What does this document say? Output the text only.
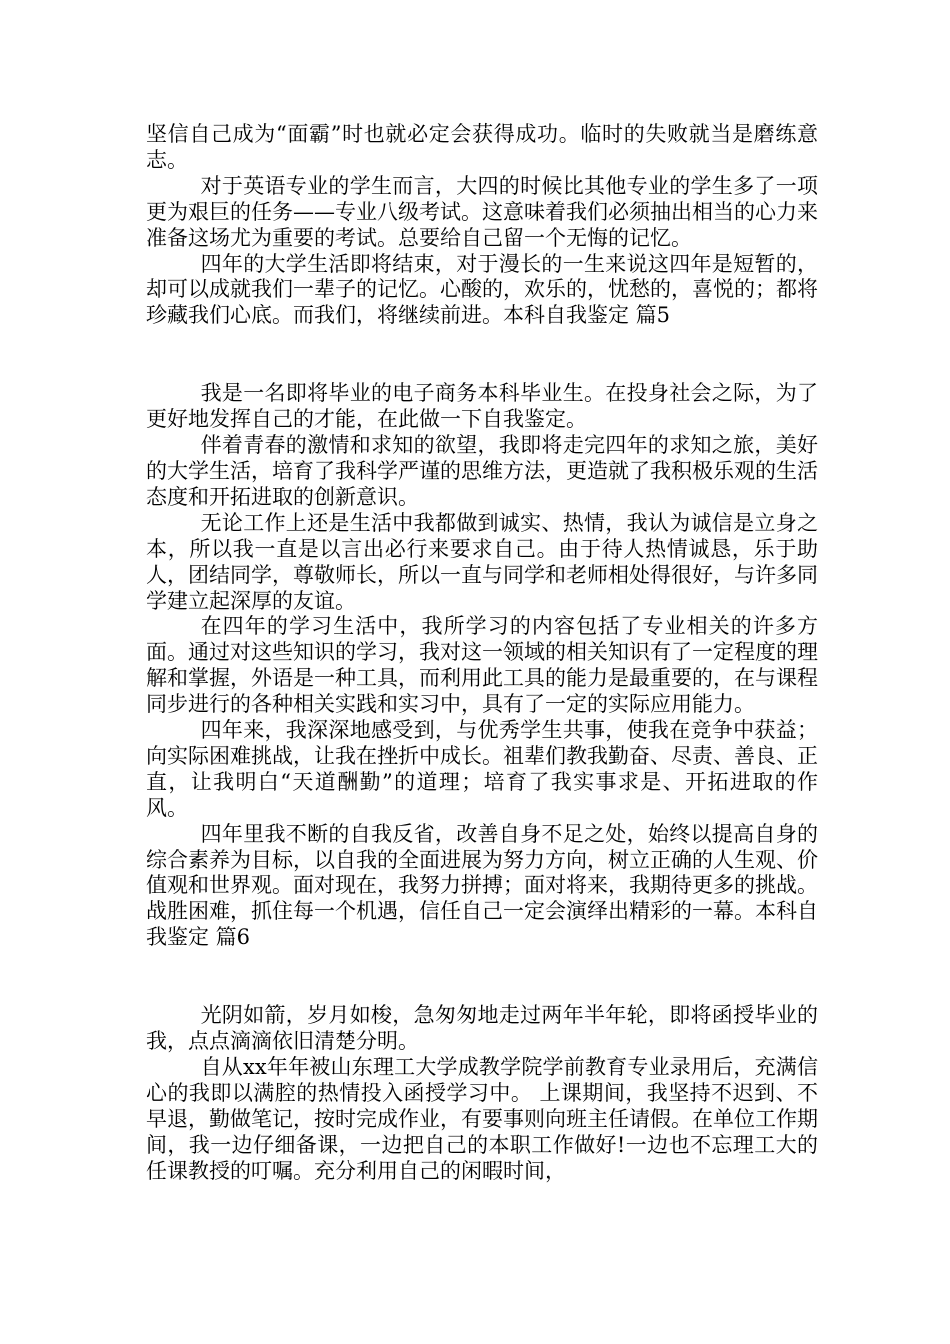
坚信自己成为“面霸”时也就必定会获得成功。临时的失败就当是磨练意志。

对于英语专业的学生而言，大四的时候比其他专业的学生多了一项更为艰巨的任务——专业八级考试。这意味着我们必须抽出相当的心力来准备这场尤为重要的考试。总要给自己留一个无悔的记忆。

四年的大学生活即将结束，对于漫长的一生来说这四年是短暂的，却可以成就我们一辈子的记忆。心酸的，欢乐的，忧愁的，喜悦的；都将珍藏我们心底。而我们，将继续前进。本科自我鉴定 篇5

我是一名即将毕业的电子商务本科毕业生。在投身社会之际，为了更好地发挥自己的才能，在此做一下自我鉴定。

伴着青春的激情和求知的欲望，我即将走完四年的求知之旅，美好的大学生活，培育了我科学严谨的思维方法，更造就了我积极乐观的生活态度和开拓进取的创新意识。

无论工作上还是生活中我都做到诚实、热情，我认为诚信是立身之本，所以我一直是以言出必行来要求自己。由于待人热情诚恳，乐于助人，团结同学，尊敬师长，所以一直与同学和老师相处得很好，与许多同学建立起深厚的友谊。

在四年的学习生活中，我所学习的内容包括了专业相关的许多方面。通过对这些知识的学习，我对这一领域的相关知识有了一定程度的理解和掌握，外语是一种工具，而利用此工具的能力是最重要的，在与课程同步进行的各种相关实践和实习中，具有了一定的实际应用能力。

四年来，我深深地感受到，与优秀学生共事，使我在竞争中获益；向实际困难挑战，让我在挫折中成长。祖辈们教我勤奋、尽责、善良、正直，让我明白“天道酬勤”的道理；培育了我实事求是、开拓进取的作风。

四年里我不断的自我反省，改善自身不足之处，始终以提高自身的综合素养为目标，以自我的全面进展为努力方向，树立正确的人生观、价值观和世界观。面对现在，我努力拼搏；面对将来，我期待更多的挑战。战胜困难，抓住每一个机遇，信任自己一定会演绎出精彩的一幕。本科自我鉴定 篇6

光阴如箭，岁月如梭，急匆匆地走过两年半年轮，即将函授毕业的我，点点滴滴依旧清楚分明。

自从xx年年被山东理工大学成教学院学前教育专业录用后，充满信心的我即以满腔的热情投入函授学习中。 上课期间，我坚持不迟到、不早退，勤做笔记，按时完成作业，有要事则向班主任请假。在单位工作期间，我一边仔细备课，一边把自己的本职工作做好!一边也不忘理工大的任课教授的叮嘱。充分利用自己的闲暇时间，
